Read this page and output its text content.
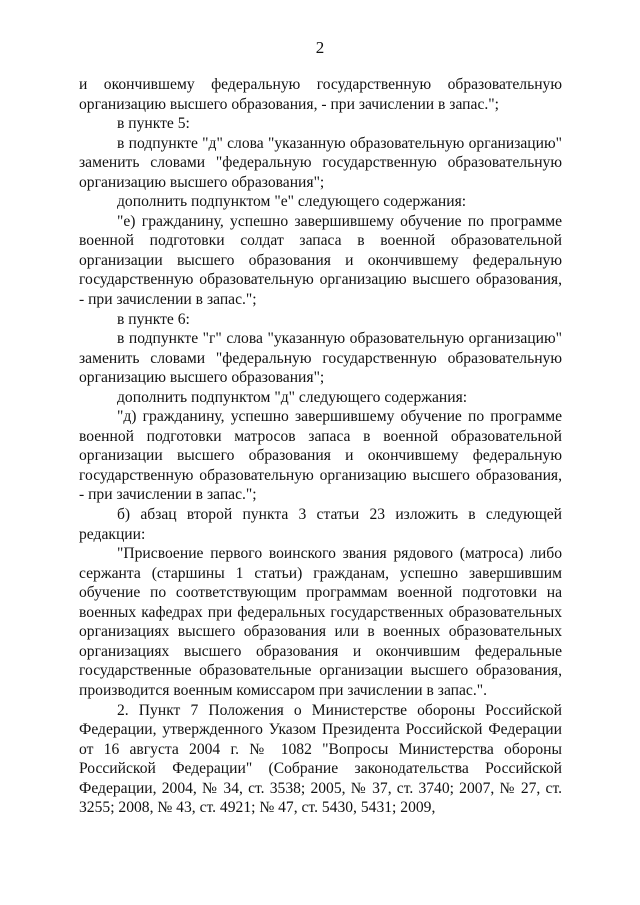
2

и окончившему федеральную государственную образовательную организацию высшего образования, - при зачислении в запас.";

в пункте 5:

в подпункте "д" слова "указанную образовательную организацию" заменить словами "федеральную государственную образовательную организацию высшего образования";

дополнить подпунктом "е" следующего содержания:

"е) гражданину, успешно завершившему обучение по программе военной подготовки солдат запаса в военной образовательной организации высшего образования и окончившему федеральную государственную образовательную организацию высшего образования, - при зачислении в запас.";

в пункте 6:

в подпункте "г" слова "указанную образовательную организацию" заменить словами "федеральную государственную образовательную организацию высшего образования";

дополнить подпунктом "д" следующего содержания:

"д) гражданину, успешно завершившему обучение по программе военной подготовки матросов запаса в военной образовательной организации высшего образования и окончившему федеральную государственную образовательную организацию высшего образования, - при зачислении в запас.";

б) абзац второй пункта 3 статьи 23 изложить в следующей редакции:

"Присвоение первого воинского звания рядового (матроса) либо сержанта (старшины 1 статьи) гражданам, успешно завершившим обучение по соответствующим программам военной подготовки на военных кафедрах при федеральных государственных образовательных организациях высшего образования или в военных образовательных организациях высшего образования и окончившим федеральные государственные образовательные организации высшего образования, производится военным комиссаром при зачислении в запас.".

2. Пункт 7 Положения о Министерстве обороны Российской Федерации, утвержденного Указом Президента Российской Федерации от 16 августа 2004 г. № 1082 "Вопросы Министерства обороны Российской Федерации" (Собрание законодательства Российской Федерации, 2004, № 34, ст. 3538; 2005, № 37, ст. 3740; 2007, № 27, ст. 3255; 2008, № 43, ст. 4921; № 47, ст. 5430, 5431; 2009,
